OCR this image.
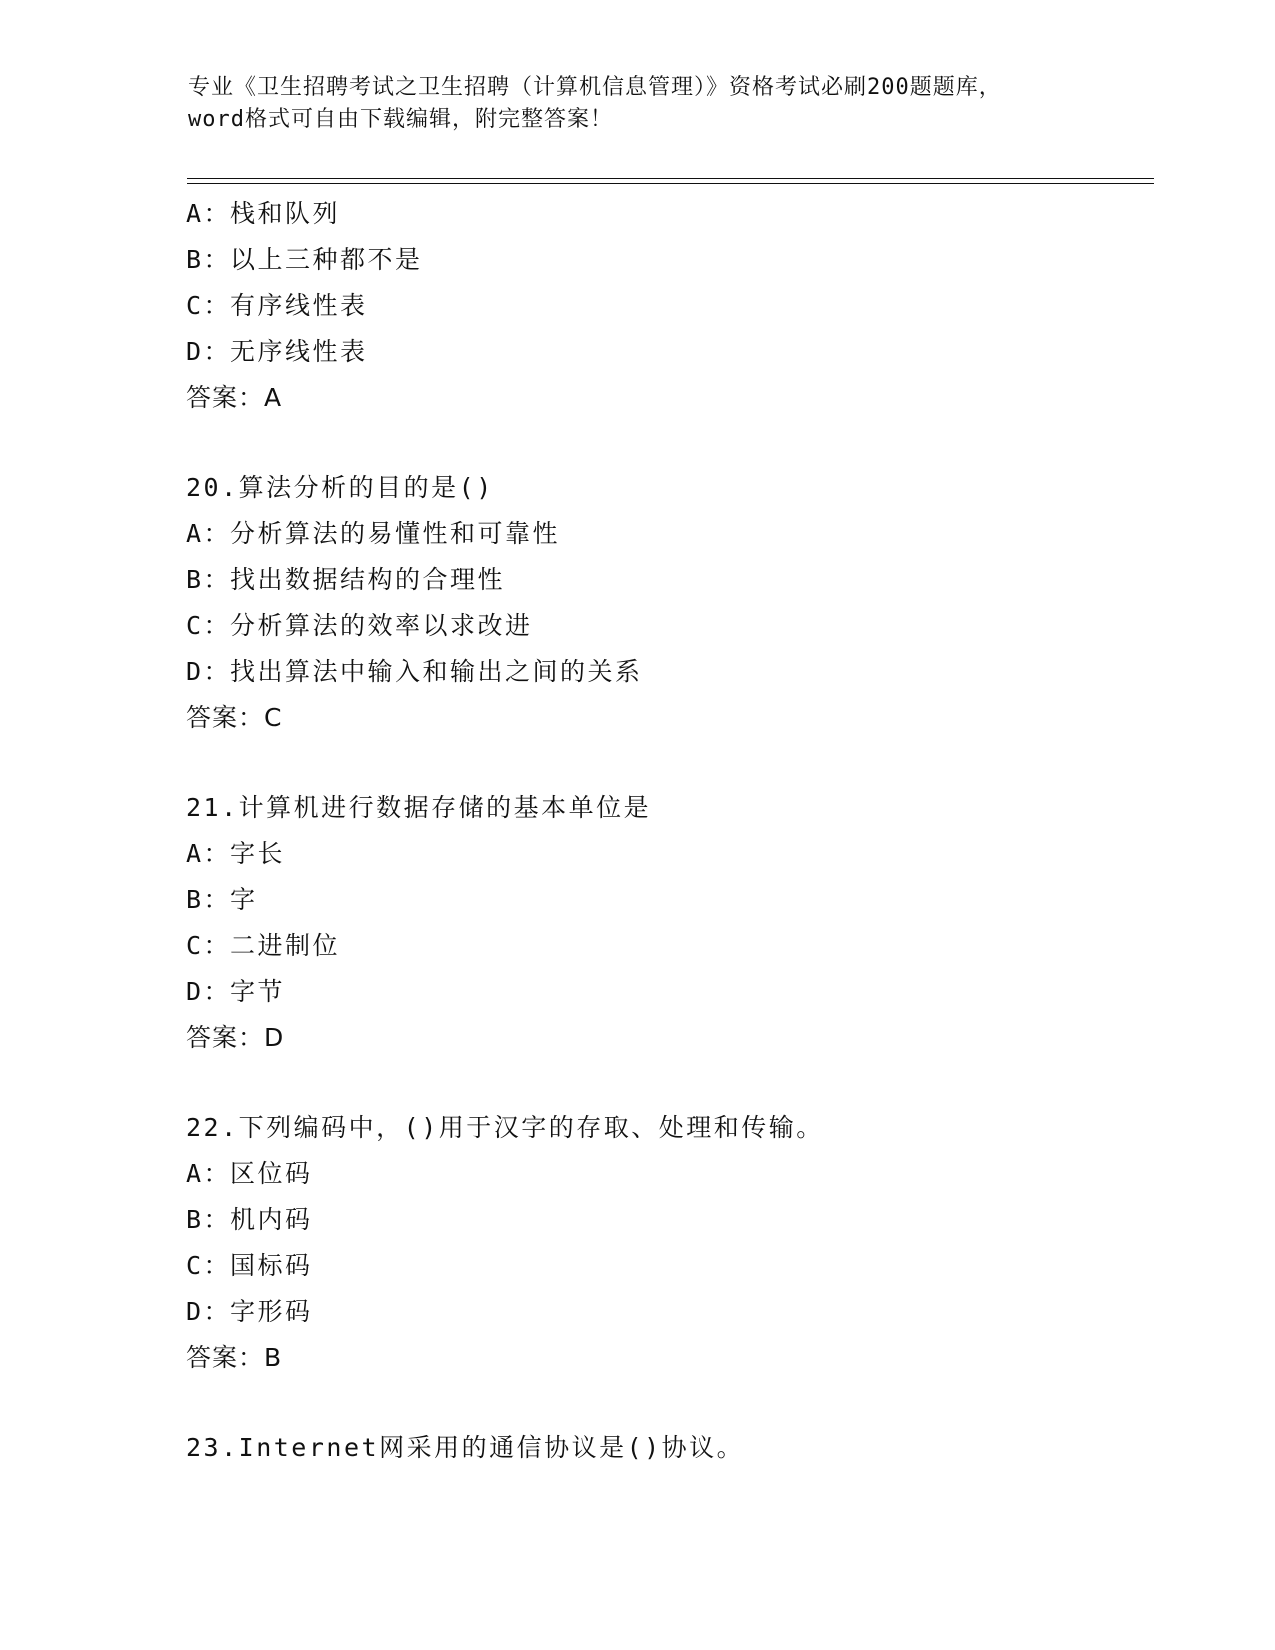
专业《卫生招聘考试之卫生招聘（计算机信息管理）》资格考试必刷200题题库，
word格式可自由下载编辑，附完整答案！
A：栈和队列
B：以上三种都不是
C：有序线性表
D：无序线性表
答案：A
20.算法分析的目的是()
A：分析算法的易懂性和可靠性
B：找出数据结构的合理性
C：分析算法的效率以求改进
D：找出算法中输入和输出之间的关系
答案：C
21.计算机进行数据存储的基本单位是
A：字长
B：字
C：二进制位
D：字节
答案：D
22.下列编码中，()用于汉字的存取、处理和传输。
A：区位码
B：机内码
C：国标码
D：字形码
答案：B
23.Internet网采用的通信协议是()协议。
